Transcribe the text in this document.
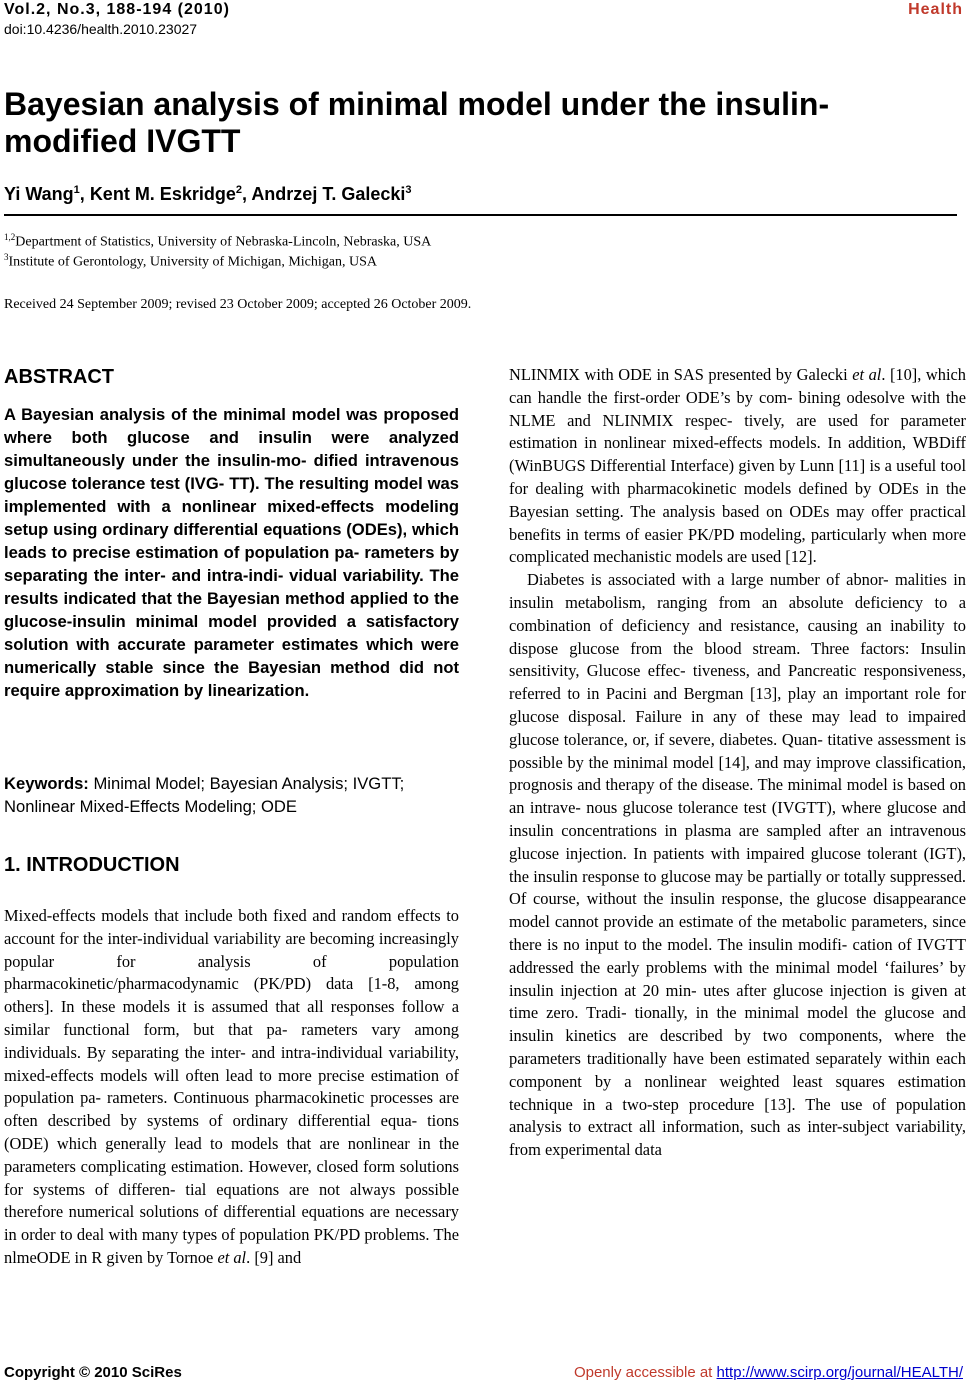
Vol.2, No.3, 188-194 (2010)
doi:10.4236/health.2010.23027
Health
Bayesian analysis of minimal model under the insulin-modified IVGTT
Yi Wang$^1$, Kent M. Eskridge$^2$, Andrzej T. Galecki$^3$
$^{1,2}$Department of Statistics, University of Nebraska-Lincoln, Nebraska, USA
$^3$Institute of Gerontology, University of Michigan, Michigan, USA
Received 24 September 2009; revised 23 October 2009; accepted 26 October 2009.
ABSTRACT
A Bayesian analysis of the minimal model was proposed where both glucose and insulin were analyzed simultaneously under the insulin-mo- dified intravenous glucose tolerance test (IVG- TT). The resulting model was implemented with a nonlinear mixed-effects modeling setup using ordinary differential equations (ODEs), which leads to precise estimation of population pa- rameters by separating the inter- and intra-indi- vidual variability. The results indicated that the Bayesian method applied to the glucose-insulin minimal model provided a satisfactory solution with accurate parameter estimates which were numerically stable since the Bayesian method did not require approximation by linearization.
Keywords: Minimal Model; Bayesian Analysis; IVGTT; Nonlinear Mixed-Effects Modeling; ODE
1. INTRODUCTION

Mixed-effects models that include both fixed and random effects to account for the inter-individual variability are becoming increasingly popular for analysis of population pharmacokinetic/pharmacodynamic (PK/PD) data [1-8, among others]. In these models it is assumed that all responses follow a similar functional form, but that pa- rameters vary among individuals. By separating the inter- and intra-individual variability, mixed-effects models will often lead to more precise estimation of population pa- rameters. Continuous pharmacokinetic processes are often described by systems of ordinary differential equa- tions (ODE) which generally lead to models that are nonlinear in the parameters complicating estimation. However, closed form solutions for systems of differen- tial equations are not always possible therefore numerical solutions of differential equations are necessary in order to deal with many types of population PK/PD problems. The nlmeODE in R given by Tornoe et al. [9] and

NLINMIX with ODE in SAS presented by Galecki et al. [10], which can handle the first-order ODE’s by com- bining odesolve with the NLME and NLINMIX respec- tively, are used for parameter estimation in nonlinear mixed-effects models. In addition, WBDiff (WinBUGS Differential Interface) given by Lunn [11] is a useful tool for dealing with pharmacokinetic models defined by ODEs in the Bayesian setting. The analysis based on ODEs may offer practical benefits in terms of easier PK/PD modeling, particularly when more complicated mechanistic models are used [12].

Diabetes is associated with a large number of abnor- malities in insulin metabolism, ranging from an absolute deficiency to a combination of deficiency and resistance, causing an inability to dispose glucose from the blood stream. Three factors: Insulin sensitivity, Glucose effec- tiveness, and Pancreatic responsiveness, referred to in Pacini and Bergman [13], play an important role for glucose disposal. Failure in any of these may lead to impaired glucose tolerance, or, if severe, diabetes. Quan- titative assessment is possible by the minimal model [14], and may improve classification, prognosis and therapy of the disease. The minimal model is based on an intrave- nous glucose tolerance test (IVGTT), where glucose and insulin concentrations in plasma are sampled after an intravenous glucose injection. In patients with impaired glucose tolerant (IGT), the insulin response to glucose may be partially or totally suppressed. Of course, without the insulin response, the glucose disappearance model cannot provide an estimate of the metabolic parameters, since there is no input to the model. The insulin modifi- cation of IVGTT addressed the early problems with the minimal model ‘failures’ by insulin injection at 20 min- utes after glucose injection is given at time zero. Tradi- tionally, in the minimal model the glucose and insulin kinetics are described by two components, where the parameters traditionally have been estimated separately within each component by a nonlinear weighted least squares estimation technique in a two-step procedure [13]. The use of population analysis to extract all information, such as inter-subject variability, from experimental data

Copyright © 2010 SciRes	Openly accessible at http://www.scirp.org/journal/HEALTH/
